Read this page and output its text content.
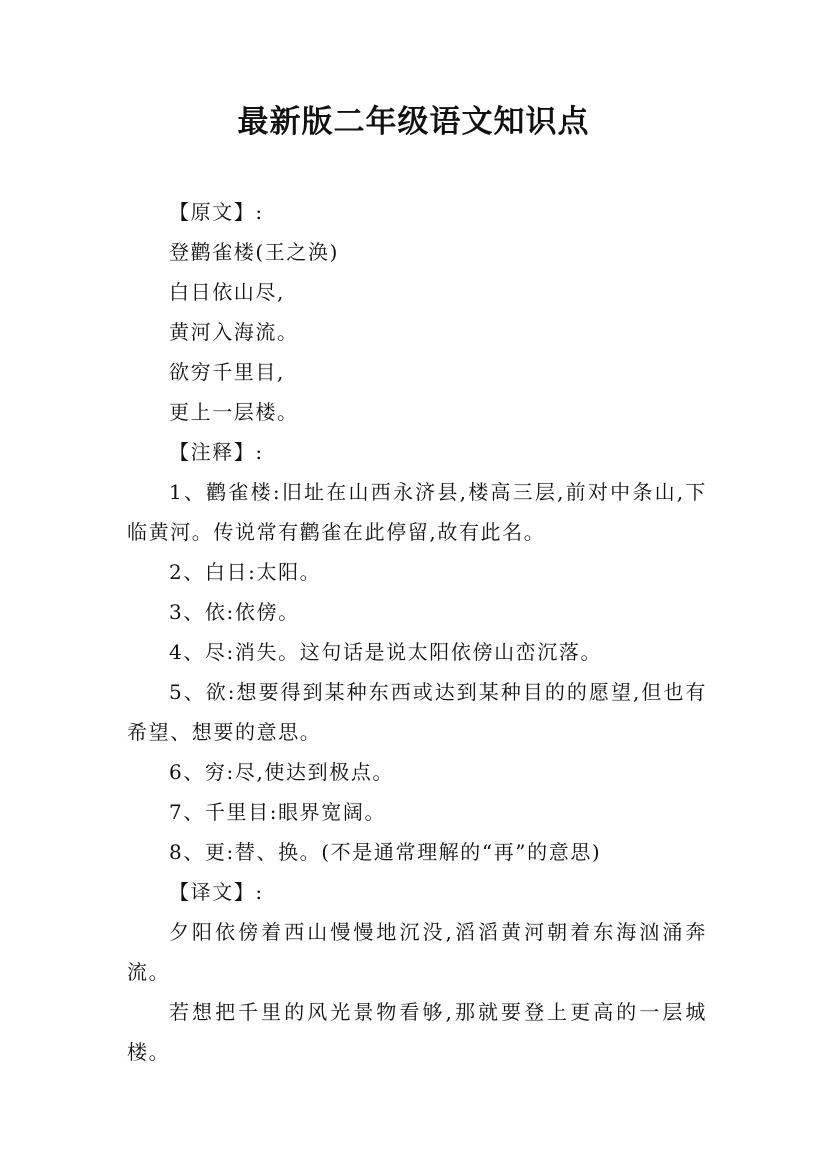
最新版二年级语文知识点

【原文】:

登鹳雀楼(王之涣)

白日依山尽,

黄河入海流。

欲穷千里目,

更上一层楼。

【注释】:

1、鹳雀楼:旧址在山西永济县,楼高三层,前对中条山,下临黄河。传说常有鹳雀在此停留,故有此名。

2、白日:太阳。

3、依:依傍。

4、尽:消失。这句话是说太阳依傍山峦沉落。

5、欲:想要得到某种东西或达到某种目的的愿望,但也有希望、想要的意思。

6、穷:尽,使达到极点。

7、千里目:眼界宽阔。

8、更:替、换。(不是通常理解的“再”的意思)

【译文】:

夕阳依傍着西山慢慢地沉没,滔滔黄河朝着东海汹涌奔流。

若想把千里的风光景物看够,那就要登上更高的一层城楼。
